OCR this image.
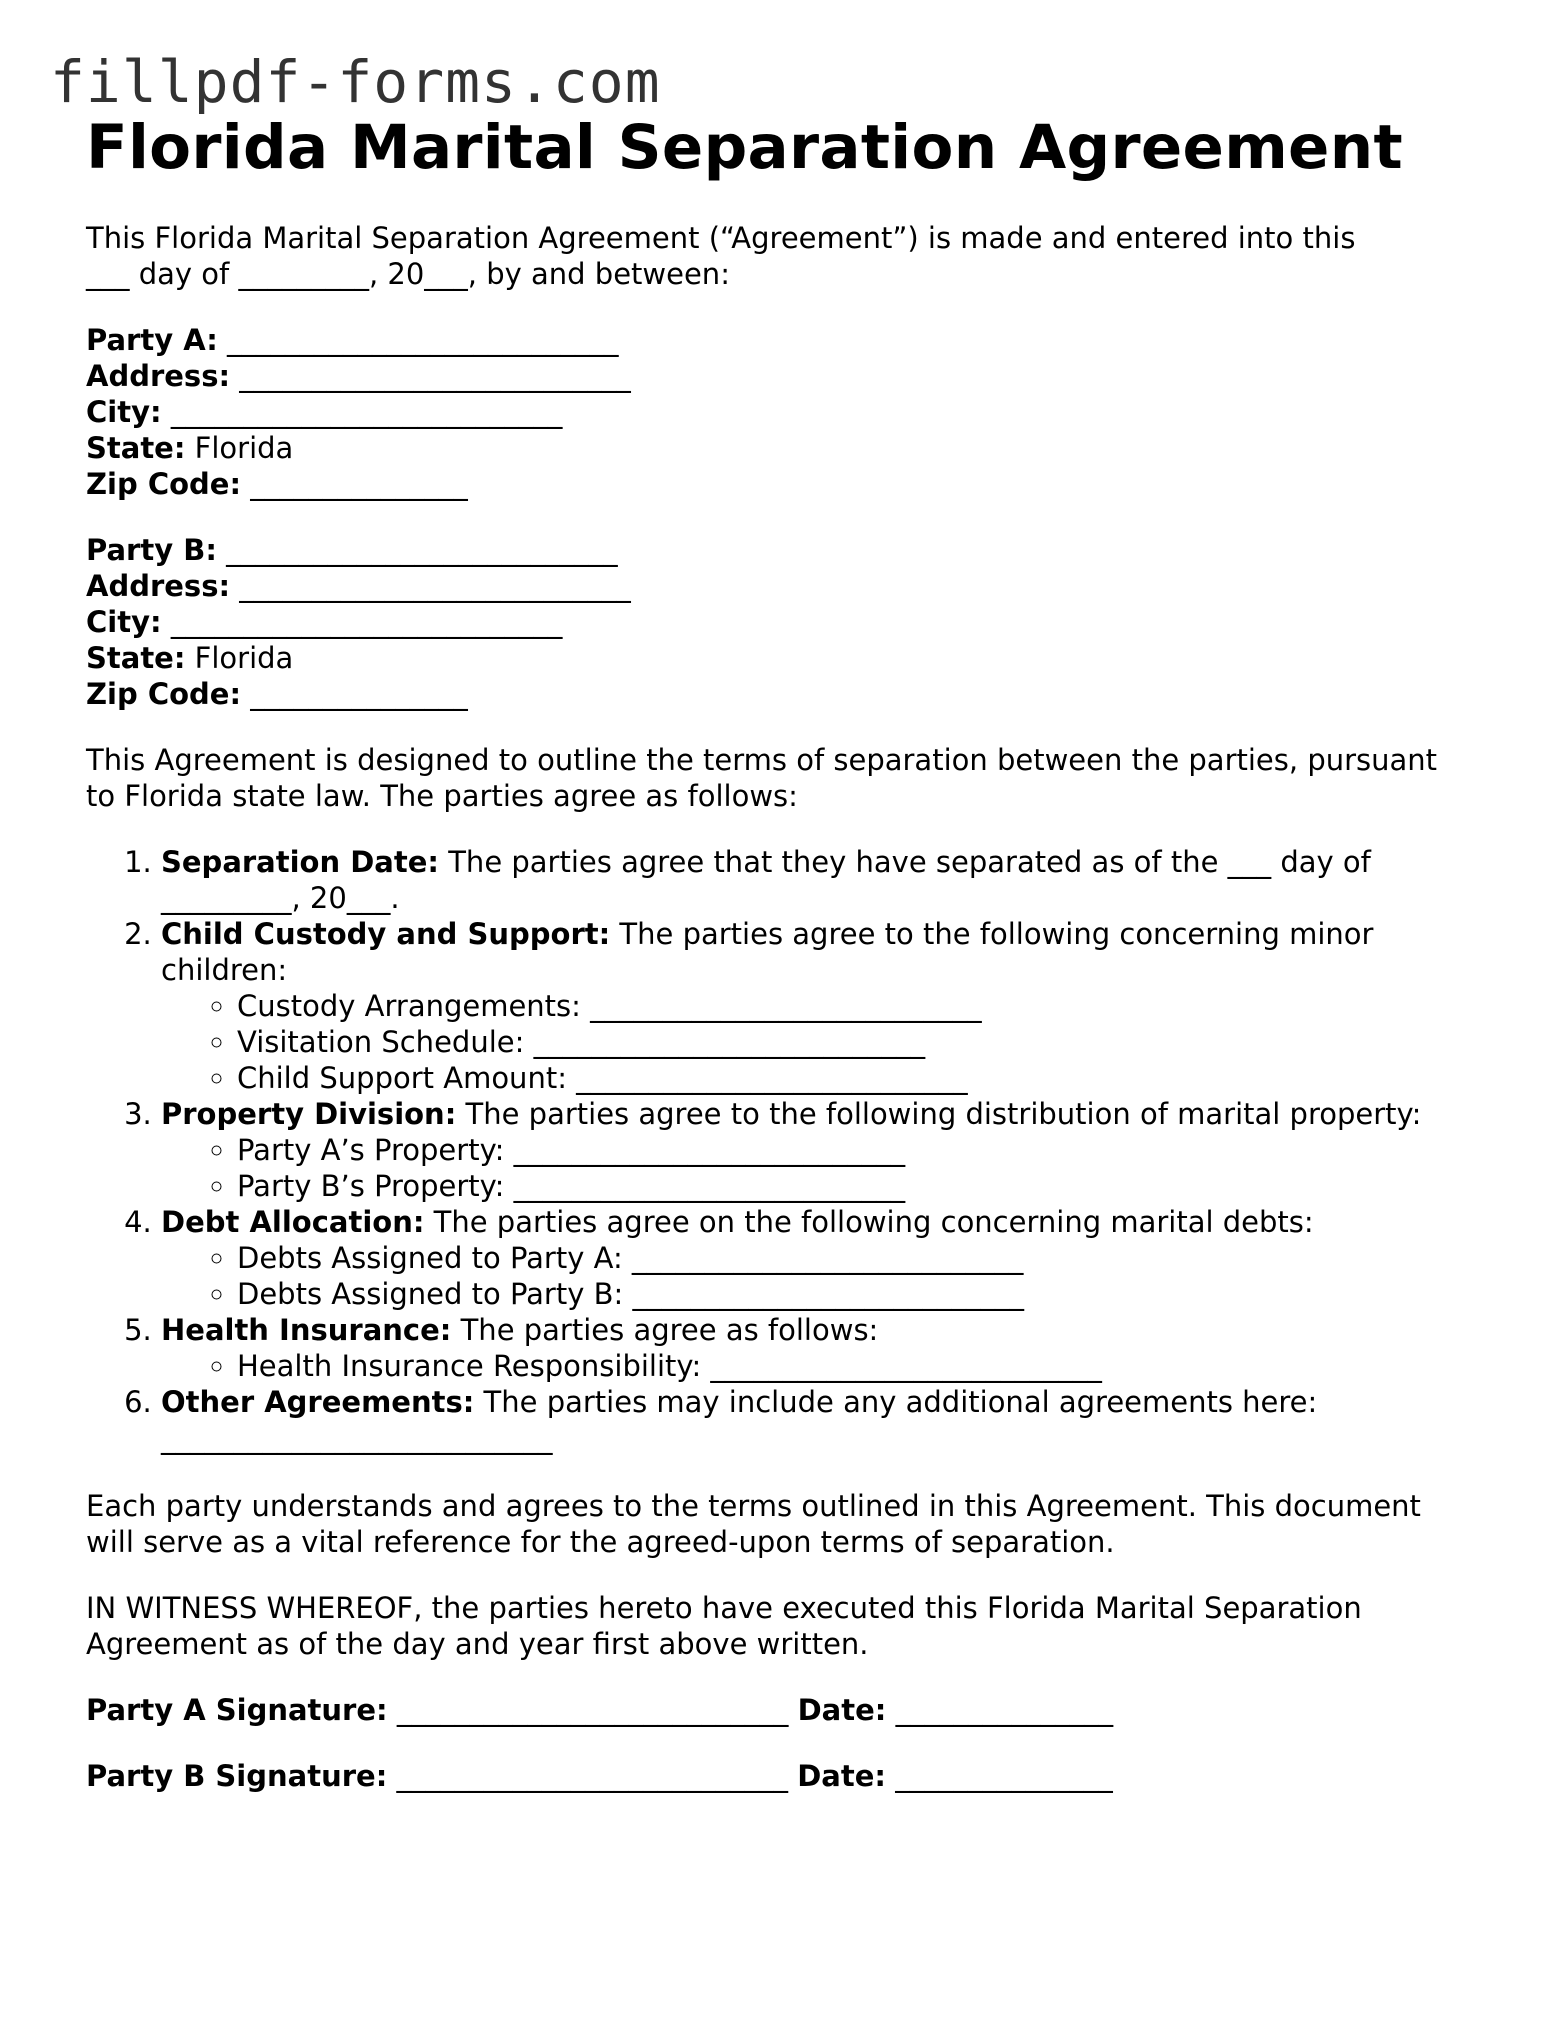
fillpdf-forms.com
Florida Marital Separation Agreement

This Florida Marital Separation Agreement (“Agreement”) is made and entered into this
___ day of _________, 20___, by and between:

Party A: ___________________________
Address: ___________________________
City: ___________________________
State: Florida
Zip Code: _______________
Party B: ___________________________
Address: ___________________________
City: ___________________________
State: Florida
Zip Code: _______________

This Agreement is designed to outline the terms of separation between the parties, pursuant to Florida state law. The parties agree as follows:

1. Separation Date: The parties agree that they have separated as of the ___ day of _________, 20___.
2. Child Custody and Support: The parties agree to the following concerning minor children:
◦ Custody Arrangements: ___________________________
◦ Visitation Schedule: ___________________________
◦ Child Support Amount: ___________________________
3. Property Division: The parties agree to the following distribution of marital property:
◦ Party A’s Property: ___________________________
◦ Party B’s Property: ___________________________
4. Debt Allocation: The parties agree on the following concerning marital debts:
◦ Debts Assigned to Party A: ___________________________
◦ Debts Assigned to Party B: ___________________________
5. Health Insurance: The parties agree as follows:
◦ Health Insurance Responsibility: ___________________________
6. Other Agreements: The parties may include any additional agreements here: ___________________________

Each party understands and agrees to the terms outlined in this Agreement. This document will serve as a vital reference for the agreed-upon terms of separation.

IN WITNESS WHEREOF, the parties hereto have executed this Florida Marital Separation Agreement as of the day and year first above written.

Party A Signature: ___________________________ Date: _______________
Party B Signature: ___________________________ Date: _______________
